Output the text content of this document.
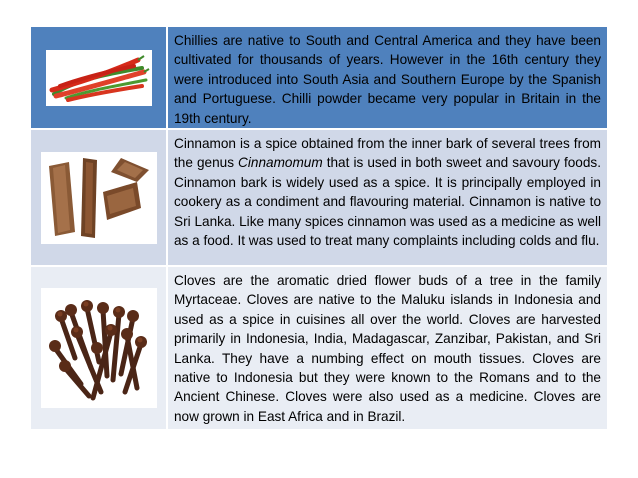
Chillies are native to South and Central America and they have been cultivated for thousands of years. However in the 16th century they were introduced into South Asia and Southern Europe by the Spanish and Portuguese. Chilli powder became very popular in Britain in the 19th century.
Cinnamon is a spice obtained from the inner bark of several trees from the genus Cinnamomum that is used in both sweet and savoury foods. Cinnamon bark is widely used as a spice. It is principally employed in cookery as a condiment and flavouring material. Cinnamon is native to Sri Lanka. Like many spices cinnamon was used as a medicine as well as a food. It was used to treat many complaints including colds and flu.
Cloves are the aromatic dried flower buds of a tree in the family Myrtaceae. Cloves are native to the Maluku islands in Indonesia and used as a spice in cuisines all over the world. Cloves are harvested primarily in Indonesia, India, Madagascar, Zanzibar, Pakistan, and Sri Lanka. They have a numbing effect on mouth tissues. Cloves are native to Indonesia but they were known to the Romans and to the Ancient Chinese. Cloves were also used as a medicine. Cloves are now grown in East Africa and in Brazil.
